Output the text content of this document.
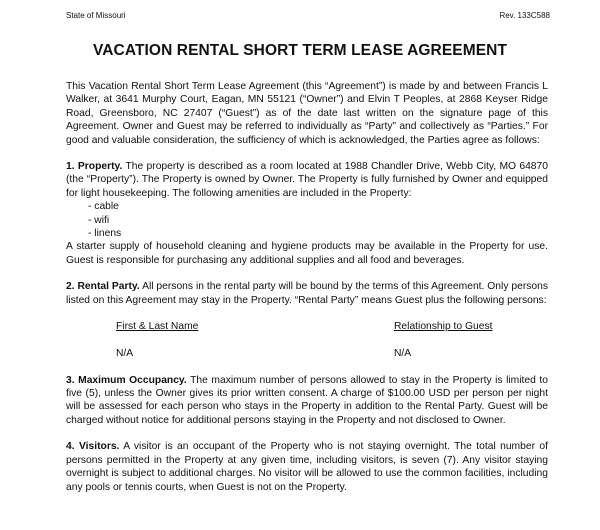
State of Missouri	Rev. 133C588
VACATION RENTAL SHORT TERM LEASE AGREEMENT

This Vacation Rental Short Term Lease Agreement (this “Agreement”) is made by and between Francis L Walker, at 3641 Murphy Court, Eagan, MN 55121 (“Owner”) and Elvin T Peoples, at 2868 Keyser Ridge Road, Greensboro, NC 27407 (“Guest”) as of the date last written on the signature page of this Agreement. Owner and Guest may be referred to individually as “Party” and collectively as “Parties.” For good and valuable consideration, the sufficiency of which is acknowledged, the Parties agree as follows:

1. Property. The property is described as a room located at 1988 Chandler Drive, Webb City, MO 64870 (the “Property”). The Property is owned by Owner. The Property is fully furnished by Owner and equipped for light housekeeping. The following amenities are included in the Property:

- cable
- wifi
- linens

A starter supply of household cleaning and hygiene products may be available in the Property for use. Guest is responsible for purchasing any additional supplies and all food and beverages.

2. Rental Party. All persons in the rental party will be bound by the terms of this Agreement. Only persons listed on this Agreement may stay in the Property. “Rental Party” means Guest plus the following persons:

First & Last Name	Relationship to Guest
N/A	N/A

3. Maximum Occupancy. The maximum number of persons allowed to stay in the Property is limited to five (5), unless the Owner gives its prior written consent. A charge of $100.00 USD per person per night will be assessed for each person who stays in the Property in addition to the Rental Party. Guest will be charged without notice for additional persons staying in the Property and not disclosed to Owner.

4. Visitors. A visitor is an occupant of the Property who is not staying overnight. The total number of persons permitted in the Property at any given time, including visitors, is seven (7). Any visitor staying overnight is subject to additional charges. No visitor will be allowed to use the common facilities, including any pools or tennis courts, when Guest is not on the Property.
